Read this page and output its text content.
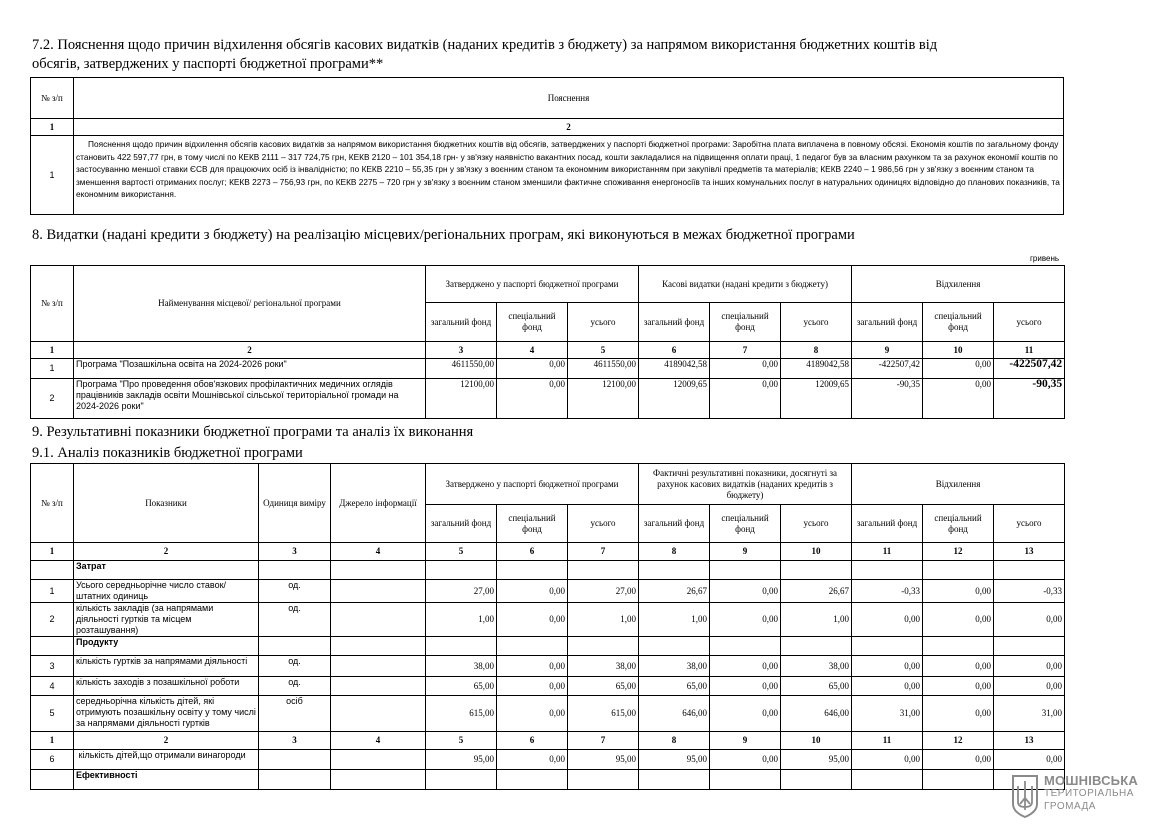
7.2. Пояснення щодо причин відхилення обсягів касових видатків (наданих кредитів з бюджету) за напрямом використання бюджетних коштів від
обсягів, затверджених у паспорті бюджетної програми**
№ з/п	Пояснення
1	2
1	Пояснення щодо причин відхилення обсягів касових видатків за напрямом використання бюджетних коштів від обсягів, затверджених у паспорті бюджетної програми: Заробітна плата виплачена в повному обсязі. Економія коштів по загальному фонду становить 422 597,77 грн, в тому числі по КЕКВ 2111 – 317 724,75 грн, КЕКВ 2120 – 101 354,18 грн- у зв'язку наявністю вакантних посад, кошти закладалися на підвищення оплати праці, 1 педагог був за власним рахунком та за рахунок економії коштів по застосуванню меншої ставки ЄСВ для працюючих осіб із інвалідністю; по КЕКВ 2210 – 55,35 грн у зв'язку з воєнним станом та економним використанням при закупівлі предметів та матеріалів; КЕКВ 2240 – 1 986,56 грн у зв'язку з воєнним станом та зменшення вартості отриманих послуг; КЕКВ 2273 – 756,93 грн, по КЕКВ 2275 – 720 грн у зв'язку з воєнним станом зменшили фактичне споживання енергоносіїв та інших комунальних послуг в натуральних одиницях відповідно до планових показників, та економним використання.
8. Видатки (надані кредити з бюджету) на реалізацію місцевих/регіональних програм, які виконуються в межах бюджетної програми
гривень
№ з/п	Найменування місцевої/ регіональної програми	Затверджено у паспорті бюджетної програми			Касові видатки (надані кредити з бюджету)			Відхилення		
		загальний фонд	спеціальний фонд	усього	загальний фонд	спеціальний фонд	усього	загальний фонд	спеціальний фонд	усього
1	2	3	4	5	6	7	8	9	10	11
1	Програма "Позашкільна освіта на 2024-2026 роки"	4611550,00	0,00	4611550,00	4189042,58	0,00	4189042,58	-422507,42	0,00	-422507,42
2	Програма "Про проведення обов'язкових профілактичних медичних оглядів працівників закладів освіти Мошнівської сільської територіальної громади на 2024-2026 роки"	12100,00	0,00	12100,00	12009,65	0,00	12009,65	-90,35	0,00	-90,35
9. Результативні показники бюджетної програми та аналіз їх виконання
9.1. Аналіз показників бюджетної програми
№ з/п	Показники	Одиниця виміру	Джерело інформації	Затверджено у паспорті бюджетної програми			Фактичні результативні показники, досягнуті за рахунок касових видатків (наданих кредитів з бюджету)			Відхилення		
				загальний фонд	спеціальний фонд	усього	загальний фонд	спеціальний фонд	усього	загальний фонд	спеціальний фонд	усього
1	2	3	4	5	6	7	8	9	10	11	12	13
	Затрат											
1	Усього середньорічне число ставок/штатних одиниць	од.		27,00	0,00	27,00	26,67	0,00	26,67	-0,33	0,00	-0,33
2	кількість закладів (за напрямами діяльності гуртків та місцем розташування)	од.		1,00	0,00	1,00	1,00	0,00	1,00	0,00	0,00	0,00
	Продукту											
3	кількість гуртків за напрямами діяльності	од.		38,00	0,00	38,00	38,00	0,00	38,00	0,00	0,00	0,00
4	кількість заходів з позашкільної роботи	од.		65,00	0,00	65,00	65,00	0,00	65,00	0,00	0,00	0,00
5	середньорічна кількість дітей, які отримують позашкільну освіту у тому числі за напрямами діяльності гуртків	осіб		615,00	0,00	615,00	646,00	0,00	646,00	31,00	0,00	31,00
1	2	3	4	5	6	7	8	9	10	11	12	13
6	кількість дітей,що отримали винагороди			95,00	0,00	95,00	95,00	0,00	95,00	0,00	0,00	0,00
	Ефективності												МОШНІВСЬКА
ТЕРИТОРІАЛЬНА
ГРОМАДА
